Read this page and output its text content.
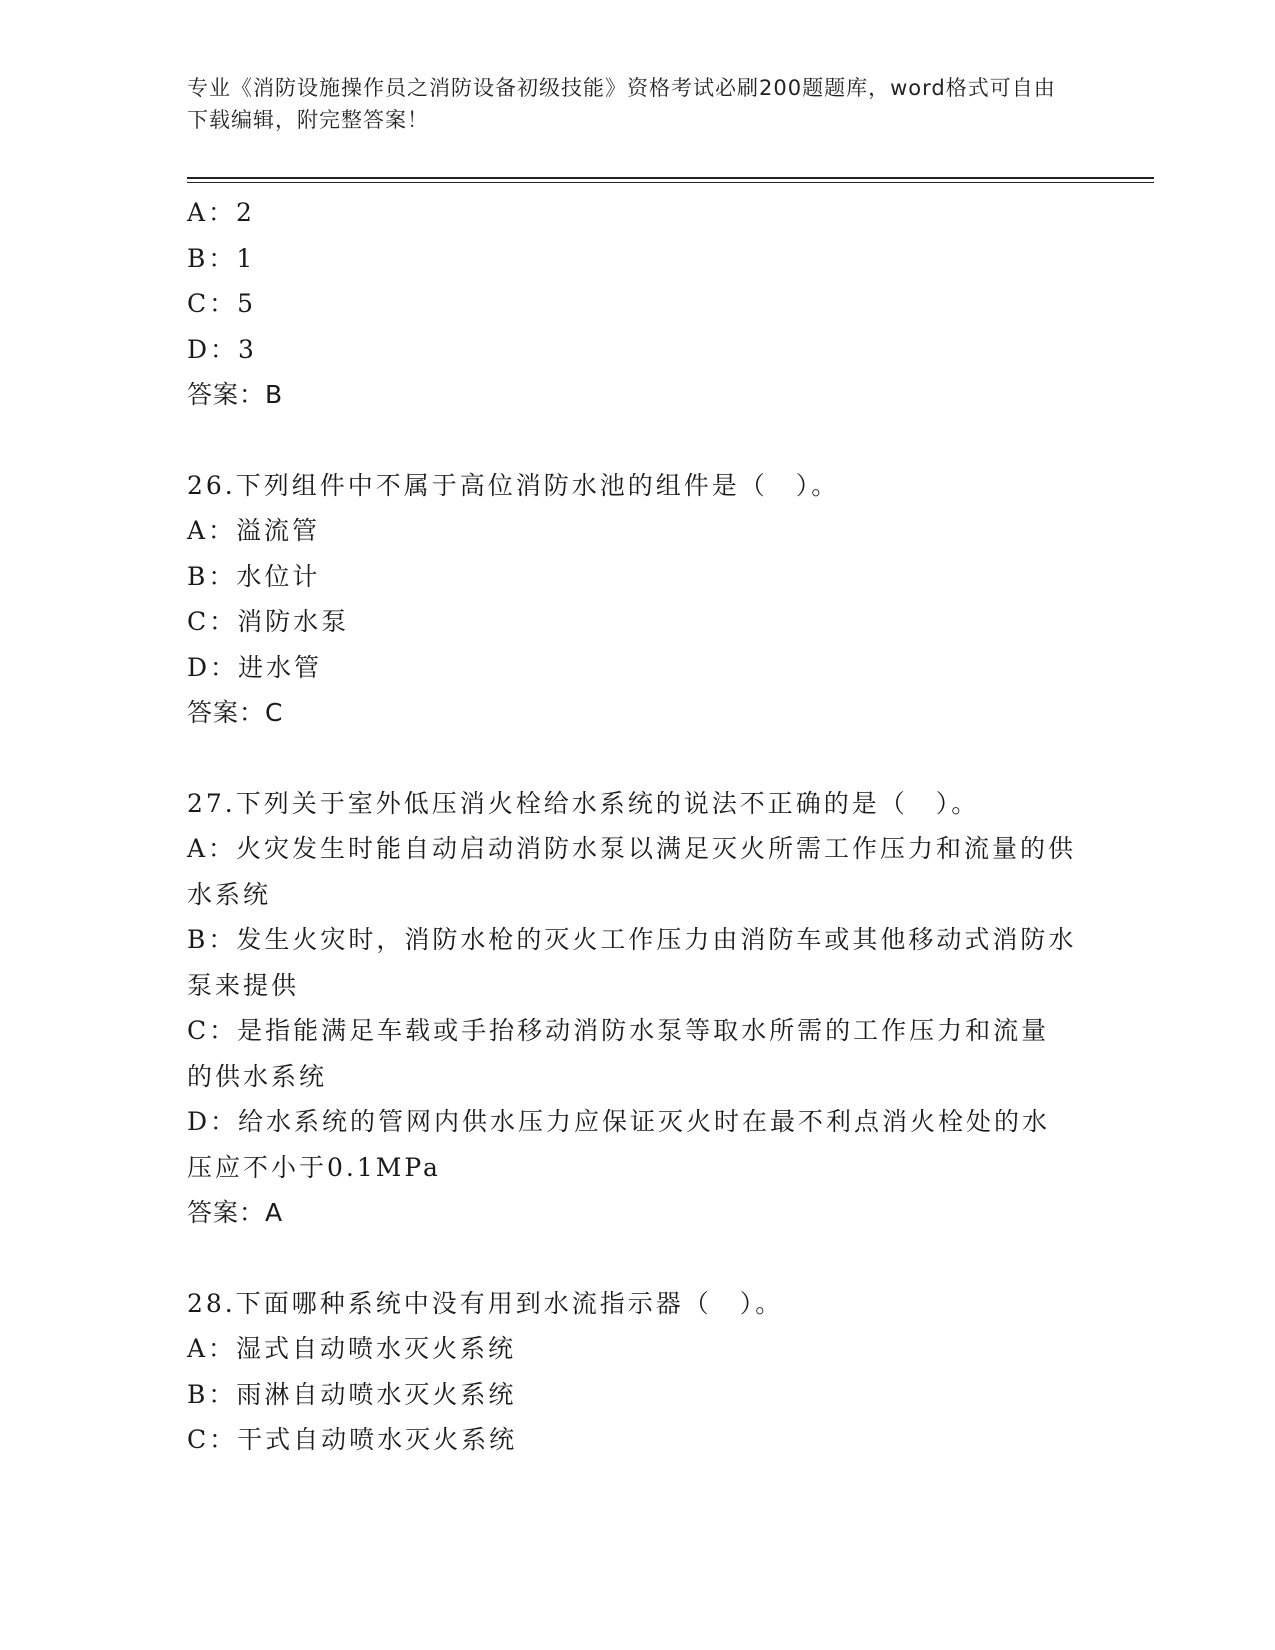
专业《消防设施操作员之消防设备初级技能》资格考试必刷200题题库，word格式可自由下载编辑，附完整答案！

A：2

B：1

C：5

D：3

答案：B

26.下列组件中不属于高位消防水池的组件是（　）。

A：溢流管

B：水位计

C：消防水泵

D：进水管

答案：C

27.下列关于室外低压消火栓给水系统的说法不正确的是（　）。

A：火灾发生时能自动启动消防水泵以满足灭火所需工作压力和流量的供水系统

B：发生火灾时，消防水枪的灭火工作压力由消防车或其他移动式消防水泵来提供

C：是指能满足车载或手抬移动消防水泵等取水所需的工作压力和流量的供水系统

D：给水系统的管网内供水压力应保证灭火时在最不利点消火栓处的水压应不小于0.1MPa

答案：A

28.下面哪种系统中没有用到水流指示器（　）。

A：湿式自动喷水灭火系统

B：雨淋自动喷水灭火系统

C：干式自动喷水灭火系统
